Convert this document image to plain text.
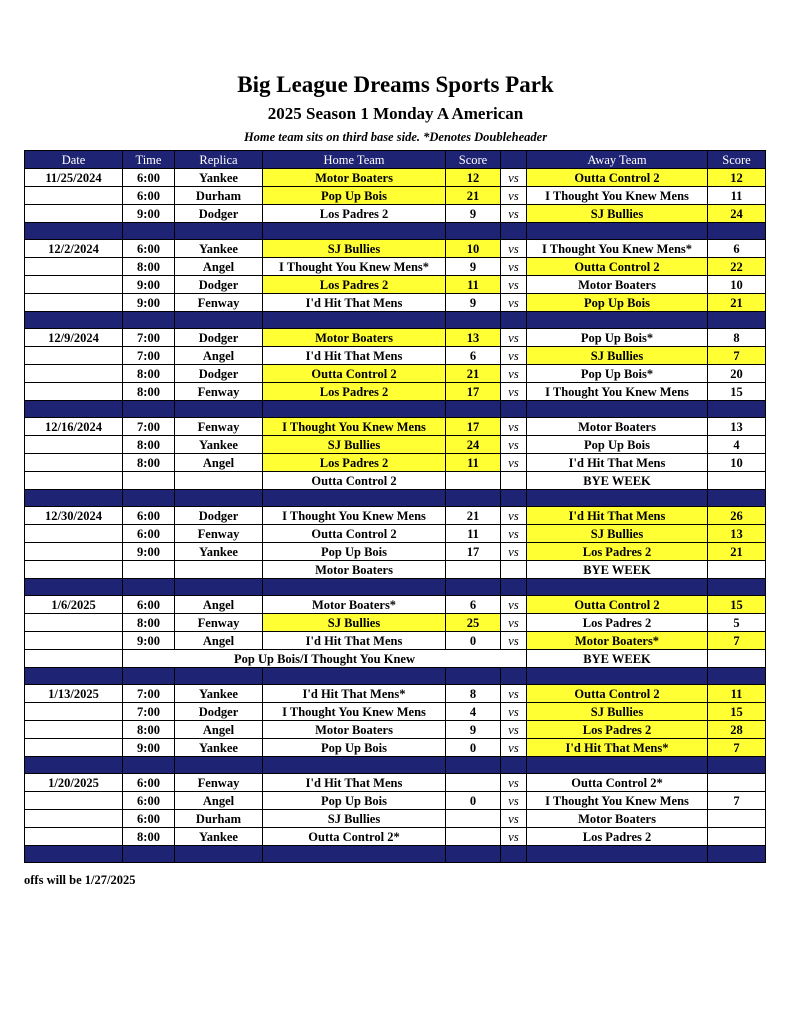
Big League Dreams Sports Park
2025 Season 1 Monday A American
Home team sits on third base side. *Denotes Doubleheader
Date	Time	Replica	Home Team	Score		Away Team	Score
11/25/2024	6:00	Yankee	Motor Boaters	12	vs	Outta Control 2	12
	6:00	Durham	Pop Up Bois	21	vs	I Thought You Knew Mens	11
	9:00	Dodger	Los Padres 2	9	vs	SJ Bullies	24

12/2/2024	6:00	Yankee	SJ Bullies	10	vs	I Thought You Knew Mens*	6
	8:00	Angel	I Thought You Knew Mens*	9	vs	Outta Control 2	22
	9:00	Dodger	Los Padres 2	11	vs	Motor Boaters	10
	9:00	Fenway	I'd Hit That Mens	9	vs	Pop Up Bois	21

12/9/2024	7:00	Dodger	Motor Boaters	13	vs	Pop Up Bois*	8
	7:00	Angel	I'd Hit That Mens	6	vs	SJ Bullies	7
	8:00	Dodger	Outta Control 2	21	vs	Pop Up Bois*	20
	8:00	Fenway	Los Padres 2	17	vs	I Thought You Knew Mens	15

12/16/2024	7:00	Fenway	I Thought You Knew Mens	17	vs	Motor Boaters	13
	8:00	Yankee	SJ Bullies	24	vs	Pop Up Bois	4
	8:00	Angel	Los Padres 2	11	vs	I'd Hit That Mens	10
			Outta Control 2			BYE WEEK	

12/30/2024	6:00	Dodger	I Thought You Knew Mens	21	vs	I'd Hit That Mens	26
	6:00	Fenway	Outta Control 2	11	vs	SJ Bullies	13
	9:00	Yankee	Pop Up Bois	17	vs	Los Padres 2	21
			Motor Boaters			BYE WEEK	

1/6/2025	6:00	Angel	Motor Boaters*	6	vs	Outta Control 2	15
	8:00	Fenway	SJ Bullies	25	vs	Los Padres 2	5
	9:00	Angel	I'd Hit That Mens	0	vs	Motor Boaters*	7
	Pop Up Bois/I Thought You Knew					BYE WEEK	

1/13/2025	7:00	Yankee	I'd Hit That Mens*	8	vs	Outta Control 2	11
	7:00	Dodger	I Thought You Knew Mens	4	vs	SJ Bullies	15
	8:00	Angel	Motor Boaters	9	vs	Los Padres 2	28
	9:00	Yankee	Pop Up Bois	0	vs	I'd Hit That Mens*	7

1/20/2025	6:00	Fenway	I'd Hit That Mens		vs	Outta Control 2*	
	6:00	Angel	Pop Up Bois	0	vs	I Thought You Knew Mens	7
	6:00	Durham	SJ Bullies		vs	Motor Boaters	
	8:00	Yankee	Outta Control 2*		vs	Los Padres 2	

offs will be 1/27/2025
